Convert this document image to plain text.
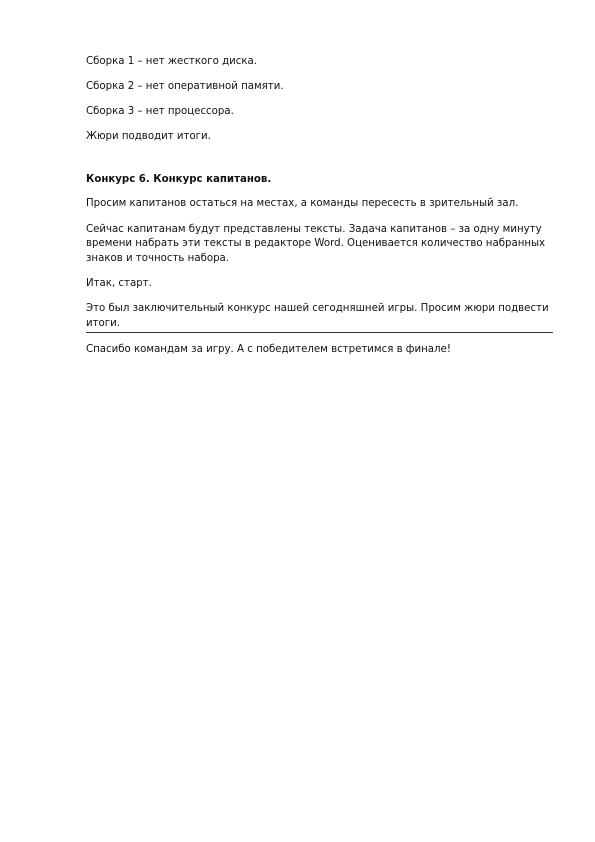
Сборка 1 – нет жесткого диска.

Сборка 2 – нет оперативной памяти.

Сборка 3 – нет процессора.

Жюри подводит итоги.

Конкурс 6. Конкурс капитанов.

Просим капитанов остаться на местах, а команды пересесть в зрительный зал.

Сейчас капитанам будут представлены тексты. Задача капитанов – за одну минуту времени набрать эти тексты в редакторе Word. Оценивается количество набранных знаков и точность набора.

Итак, старт.

Это был заключительный конкурс нашей сегодняшней игры. Просим жюри подвести итоги.

Спасибо командам за игру. А с победителем встретимся в финале!
